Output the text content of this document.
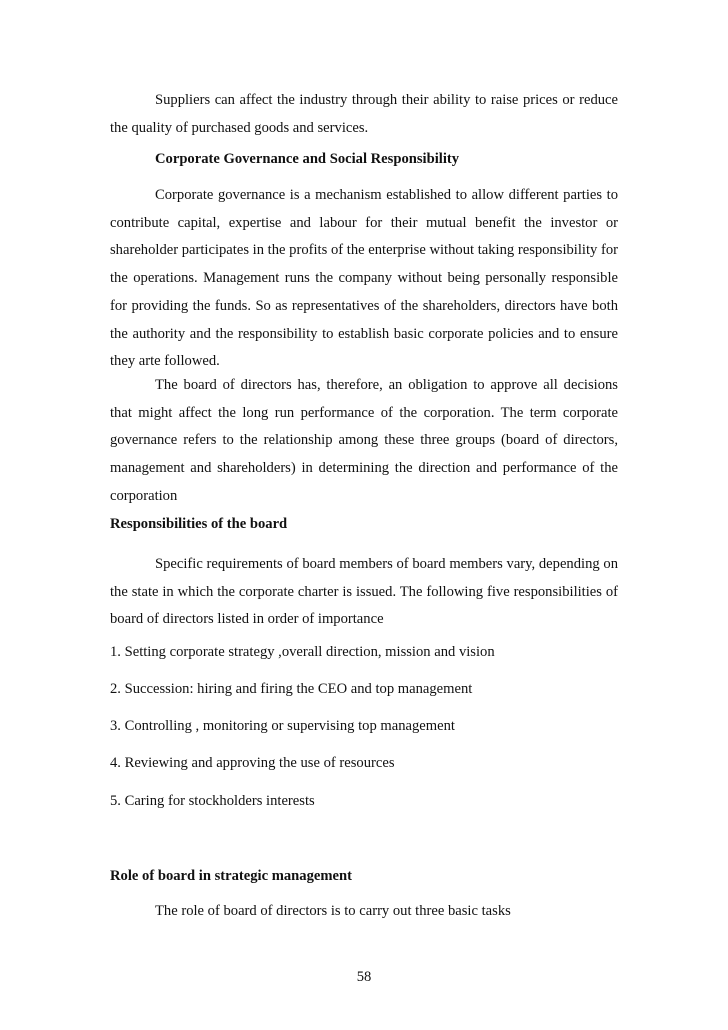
Suppliers can affect the industry through their ability to raise prices or reduce the quality of purchased goods and services.
Corporate Governance and Social Responsibility
Corporate governance is a mechanism established to allow different parties to contribute capital, expertise and labour for their mutual benefit the investor or shareholder participates in the profits of the enterprise without taking responsibility for the operations. Management runs the company without being personally responsible for providing the funds. So as representatives of the shareholders, directors have both the authority and the responsibility to establish basic corporate policies and to ensure they arte followed.
The board of directors has, therefore, an obligation to approve all decisions that might affect the long run performance of the corporation. The term corporate governance refers to the relationship among these three groups (board of directors, management and shareholders) in determining the direction and performance of the corporation
Responsibilities of the board
Specific requirements of board members of board members vary, depending on the state in which the corporate charter is issued. The following five responsibilities of board of directors listed in order of importance
1. Setting corporate strategy ,overall direction, mission and vision
2. Succession: hiring and firing the CEO and top management
3. Controlling , monitoring or supervising top management
4. Reviewing and approving the use of resources
5. Caring for stockholders interests
Role of board in strategic management
The role of board of directors is to carry out three basic tasks
58
